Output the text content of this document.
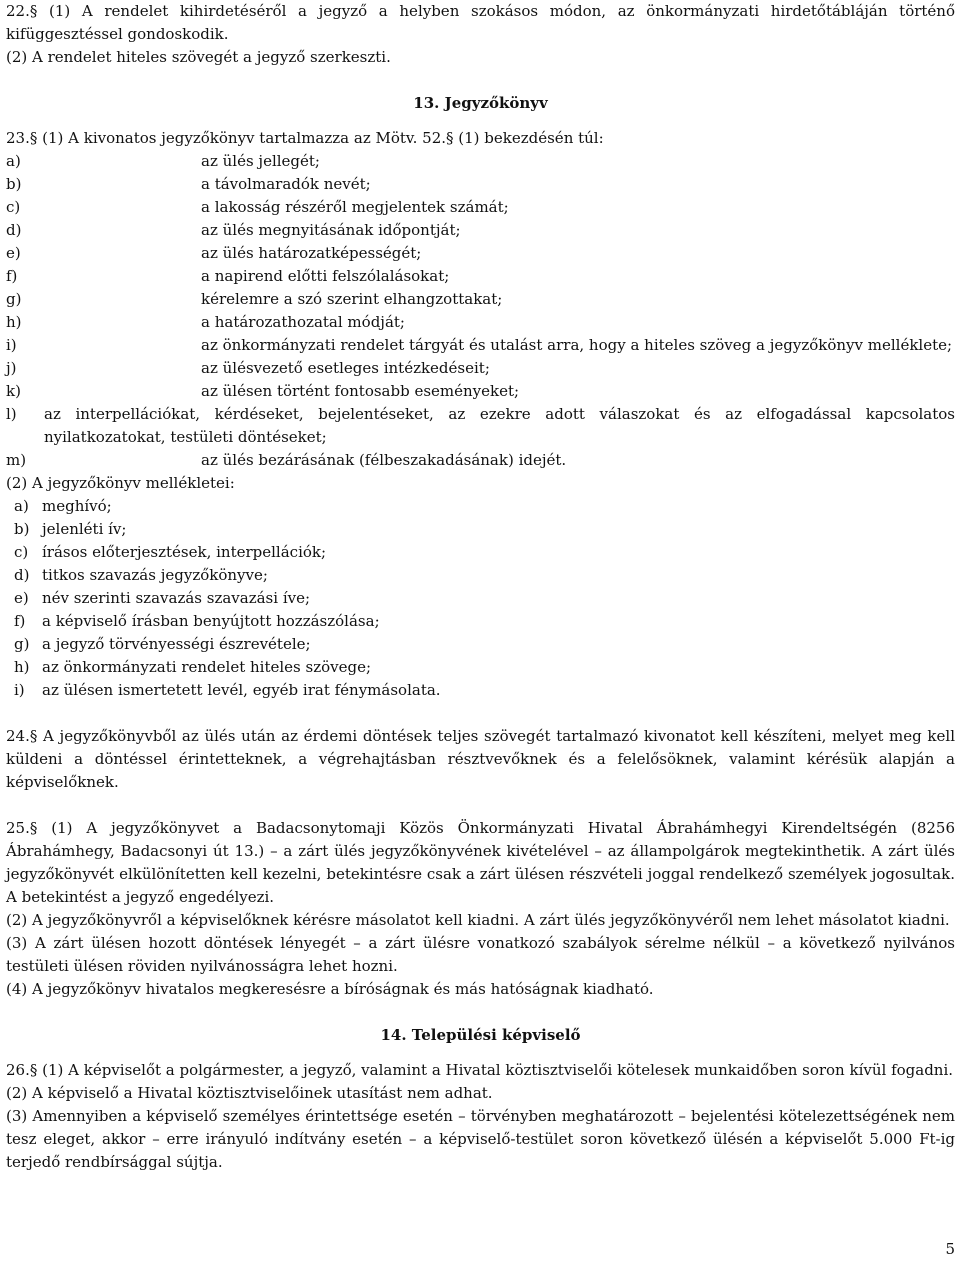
22.§ (1) A rendelet kihirdetéséről a jegyző a helyben szokásos módon, az önkormányzati hirdetőtábláján történő kifüggesztéssel gondoskodik.

(2) A rendelet hiteles szövegét a jegyző szerkeszti.

13. Jegyzőkönyv

23.§ (1) A kivonatos jegyzőkönyv tartalmazza az Mötv. 52.§ (1) bekezdésén túl:

a)	az ülés jellegét;
b)	a távolmaradók nevét;
c)	a lakosság részéről megjelentek számát;
d)	az ülés megnyitásának időpontját;
e)	az ülés határozatképességét;
f)	a napirend előtti felszólalásokat;
g)	kérelemre a szó szerint elhangzottakat;
h)	a határozathozatal módját;
i)	az önkormányzati rendelet tárgyát és utalást arra, hogy a hiteles szöveg a jegyzőkönyv melléklete;
j)	az ülésvezető esetleges intézkedéseit;
k)	az ülésen történt fontosabb eseményeket;
l)	az interpellációkat, kérdéseket, bejelentéseket, az ezekre adott válaszokat és az elfogadással kapcsolatos nyilatkozatokat, testületi döntéseket;
m)	az ülés bezárásának (félbeszakadásának) idejét.

(2) A jegyzőkönyv mellékletei:

a) meghívó;
b) jelenléti ív;
c) írásos előterjesztések, interpellációk;
d) titkos szavazás jegyzőkönyve;
e) név szerinti szavazás szavazási íve;
f) a képviselő írásban benyújtott hozzászólása;
g) a jegyző törvényességi észrevétele;
h) az önkormányzati rendelet hiteles szövege;
i) az ülésen ismertetett levél, egyéb irat fénymásolata.

24.§ A jegyzőkönyvből az ülés után az érdemi döntések teljes szövegét tartalmazó kivonatot kell készíteni, melyet meg kell küldeni a döntéssel érintetteknek, a végrehajtásban résztvevőknek és a felelősöknek, valamint kérésük alapján a képviselőknek.

25.§ (1) A jegyzőkönyvet a Badacsonytomaji Közös Önkormányzati Hivatal Ábrahámhegyi Kirendeltségén (8256 Ábrahámhegy, Badacsonyi út 13.) – a zárt ülés jegyzőkönyvének kivételével – az állampolgárok megtekinthetik. A zárt ülés jegyzőkönyvét elkülönítetten kell kezelni, betekintésre csak a zárt ülésen részvételi joggal rendelkező személyek jogosultak. A betekintést a jegyző engedélyezi.

(2) A jegyzőkönyvről a képviselőknek kérésre másolatot kell kiadni. A zárt ülés jegyzőkönyvéről nem lehet másolatot kiadni.

(3) A zárt ülésen hozott döntések lényegét – a zárt ülésre vonatkozó szabályok sérelme nélkül – a következő nyilvános testületi ülésen röviden nyilvánosságra lehet hozni.

(4) A jegyzőkönyv hivatalos megkeresésre a bíróságnak és más hatóságnak kiadható.

14. Települési képviselő

26.§ (1) A képviselőt a polgármester, a jegyző, valamint a Hivatal köztisztviselői kötelesek munkaidőben soron kívül fogadni.

(2) A képviselő a Hivatal köztisztviselőinek utasítást nem adhat.

(3) Amennyiben a képviselő személyes érintettsége esetén – törvényben meghatározott – bejelentési kötelezettségének nem tesz eleget, akkor – erre irányuló indítvány esetén – a képviselő-testület soron következő ülésén a képviselőt 5.000 Ft-ig terjedő rendbírsággal sújtja.

5
